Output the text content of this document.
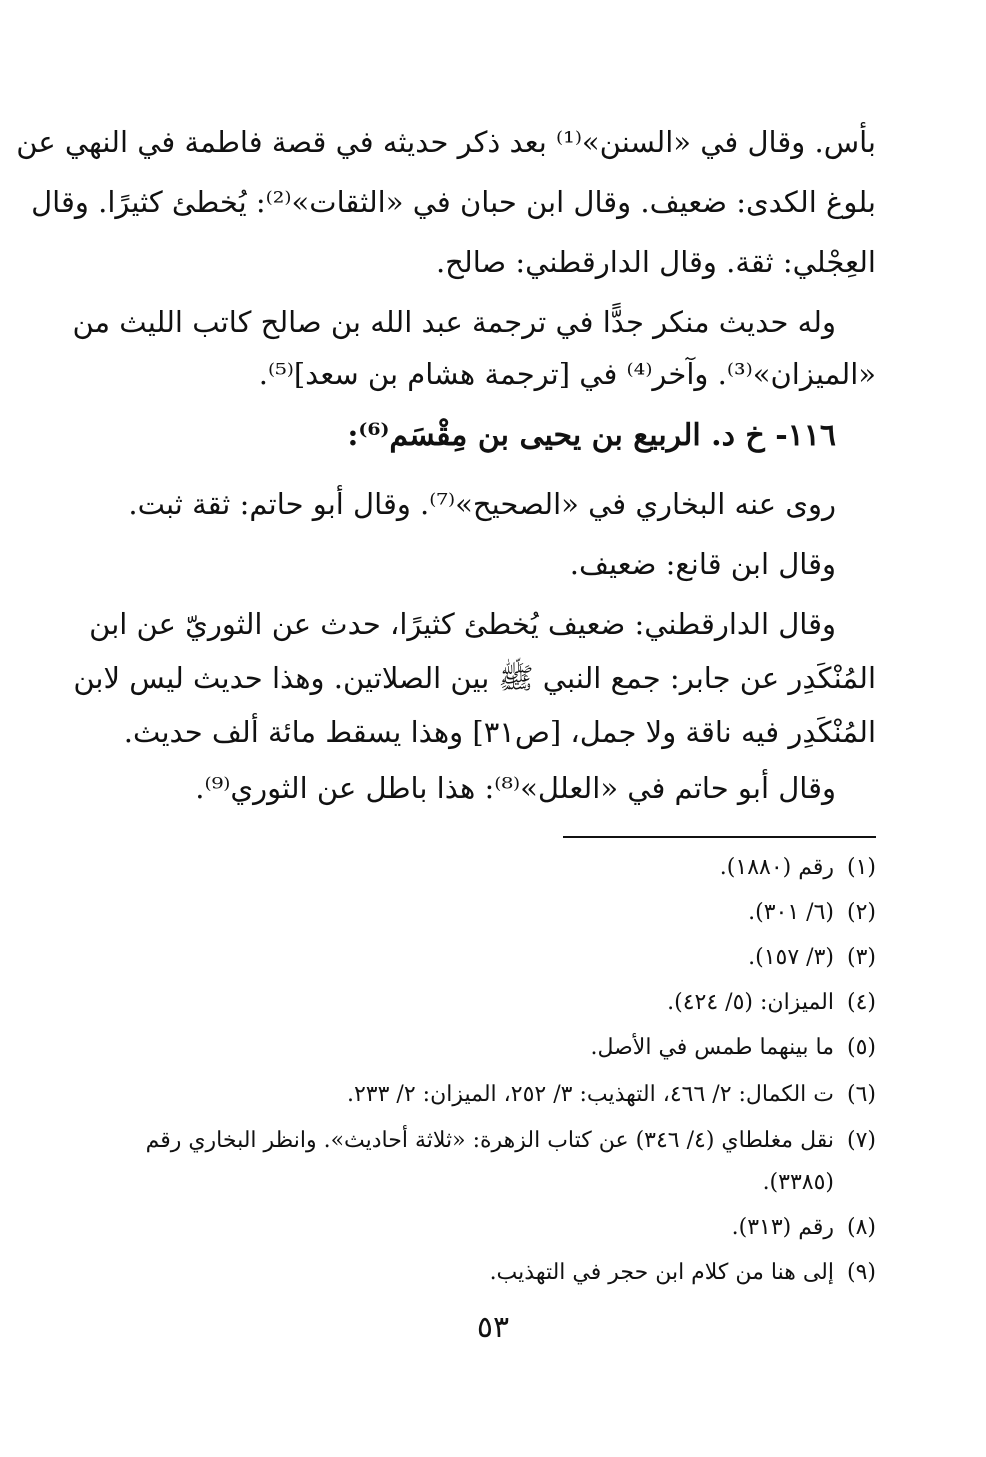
بأس. وقال في «السنن»⁽¹⁾ بعد ذكر حديثه في قصة فاطمة في النهي عن
بلوغ الكدى: ضعيف. وقال ابن حبان في «الثقات»⁽²⁾: يُخطئ كثيرًا. وقال
العِجْلي: ثقة. وقال الدارقطني: صالح.
وله حديث منكر جدًّا في ترجمة عبد الله بن صالح كاتب الليث من
«الميزان»⁽³⁾. وآخر⁽⁴⁾ في [ترجمة هشام بن سعد]⁽⁵⁾.
١١٦- خ د. الربيع بن يحيى بن مِقْسَم⁽⁶⁾:
روى عنه البخاري في «الصحيح»⁽⁷⁾. وقال أبو حاتم: ثقة ثبت.
وقال ابن قانع: ضعيف.
وقال الدارقطني: ضعيف يُخطئ كثيرًا، حدث عن الثوريّ عن ابن
المُنْكَدِر عن جابر: جمع النبي ﷺ بين الصلاتين. وهذا حديث ليس لابن
المُنْكَدِر فيه ناقة ولا جمل، [ص٣١] وهذا يسقط مائة ألف حديث.
وقال أبو حاتم في «العلل»⁽⁸⁾: هذا باطل عن الثوري⁽⁹⁾.
(١)رقم (١٨٨٠).
(٢)(٦/ ٣٠١).
(٣)(٣/ ١٥٧).
(٤)الميزان: (٥/ ٤٢٤).
(٥)ما بينهما طمس في الأصل.
(٦)ت الكمال: ٢/ ٤٦٦، التهذيب: ٣/ ٢٥٢، الميزان: ٢/ ٢٣٣.
(٧)نقل مغلطاي (٤/ ٣٤٦) عن كتاب الزهرة: «ثلاثة أحاديث». وانظر البخاري رقم
(٣٣٨٥).
(٨)رقم (٣١٣).
(٩)إلى هنا من كلام ابن حجر في التهذيب.
٥٣
